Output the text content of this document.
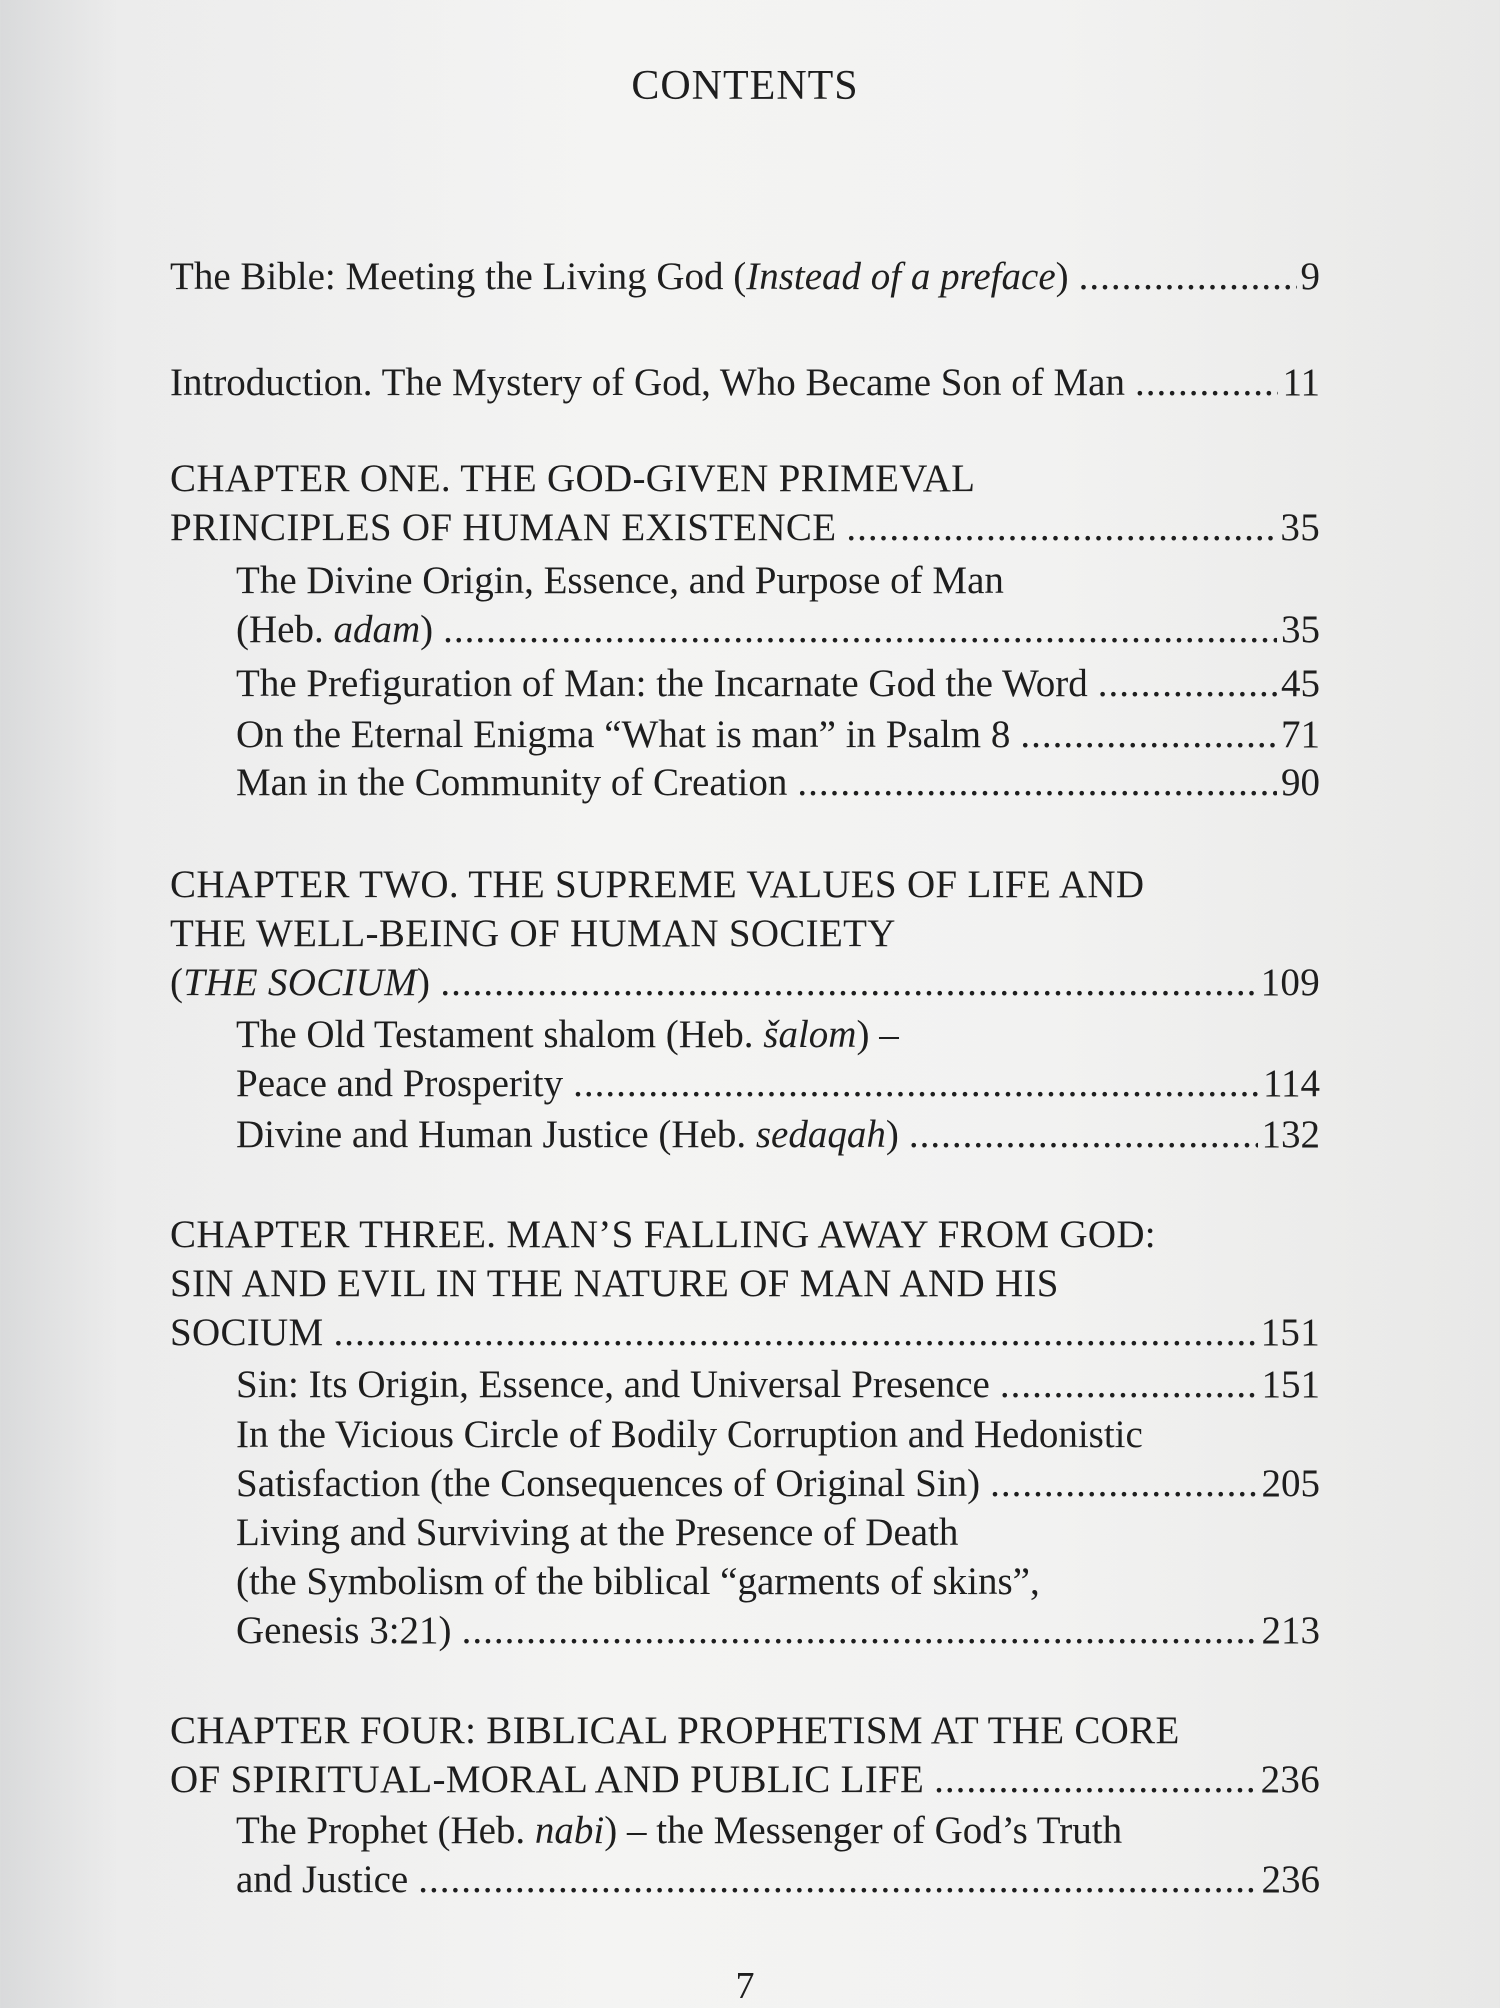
CONTENTS
The Bible: Meeting the Living God (Instead of a preface) .....	9
Introduction. The Mystery of God, Who Became Son of Man .....	11
CHAPTER ONE. THE GOD-GIVEN PRIMEVAL
PRINCIPLES OF HUMAN EXISTENCE .....	35
The Divine Origin, Essence, and Purpose of Man
(Heb. adam) .....	35
The Prefiguration of Man: the Incarnate God the Word .....	45
On the Eternal Enigma “What is man” in Psalm 8 .....	71
Man in the Community of Creation .....	90
CHAPTER TWO. THE SUPREME VALUES OF LIFE AND
THE WELL-BEING OF HUMAN SOCIETY
(THE SOCIUM) .....	109
The Old Testament shalom (Heb. šalom) –
Peace and Prosperity .....	114
Divine and Human Justice (Heb. sedaqah) .....	132
CHAPTER THREE. MAN’S FALLING AWAY FROM GOD:
SIN AND EVIL IN THE NATURE OF MAN AND HIS
SOCIUM .....	151
Sin: Its Origin, Essence, and Universal Presence .....	151
In the Vicious Circle of Bodily Corruption and Hedonistic
Satisfaction (the Consequences of Original Sin) .....	205
Living and Surviving at the Presence of Death
(the Symbolism of the biblical “garments of skins”,
Genesis 3:21) .....	213
CHAPTER FOUR: BIBLICAL PROPHETISM AT THE CORE
OF SPIRITUAL-MORAL AND PUBLIC LIFE .....	236
The Prophet (Heb. nabi) – the Messenger of God’s Truth
and Justice .....	236
7
